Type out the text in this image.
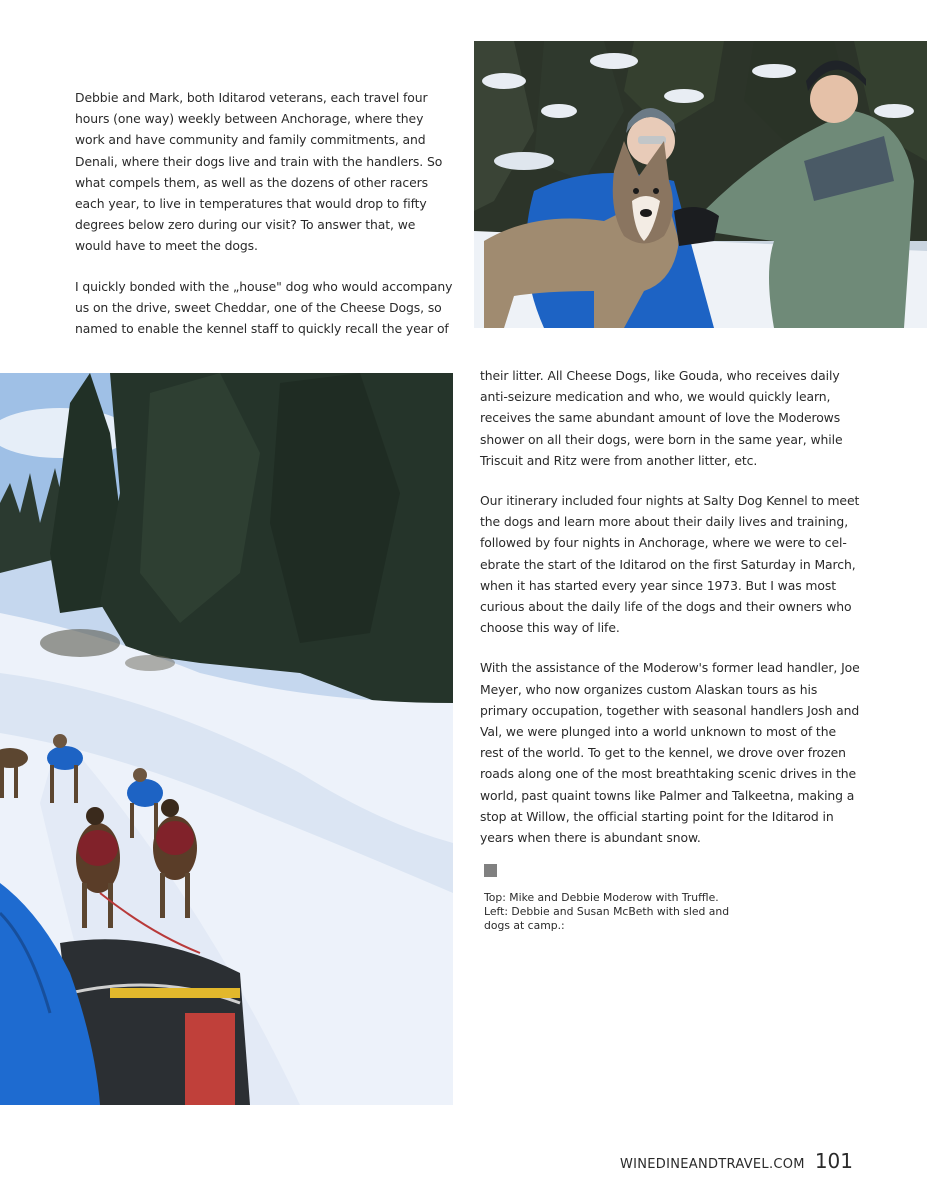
Debbie and Mark, both Iditarod veterans, each travel four hours (one way) weekly between Anchorage, where they work and have community and family commitments, and Denali, where their dogs live and train with the handlers. So what compels them, as well as the dozens of other racers each year, to live in temperatures that would drop to fifty degrees below zero during our visit? To answer that, we would have to meet the dogs.

I quickly bonded with the „house" dog who would accompany us on the drive, sweet Cheddar, one of the Cheese Dogs, so named to enable the kennel staff to quickly recall the year of

their litter. All Cheese Dogs, like Gouda, who receives daily anti-seizure medication and who, we would quickly learn, receives the same abundant amount of love the Moderows shower on all their dogs, were born in the same year, while Triscuit and Ritz were from another litter, etc.

Our itinerary included four nights at Salty Dog Kennel to meet the dogs and learn more about their daily lives and training, followed by four nights in Anchorage, where we were to cel-ebrate the start of the Iditarod on the first Saturday in March, when it has started every year since 1973. But I was most curious about the daily life of the dogs and their owners who choose this way of life.

With the assistance of the Moderow's former lead handler, Joe Meyer, who now organizes custom Alaskan tours as his primary occupation, together with seasonal handlers Josh and Val, we were plunged into a world unknown to most of the rest of the world. To get to the kennel, we drove over frozen roads along one of the most breathtaking scenic drives in the world, past quaint towns like Palmer and Talkeetna, making a stop at Willow, the official starting point for the Iditarod in years when there is abundant snow.

Top: Mike and Debbie Moderow with Truffle.
Left: Debbie and Susan McBeth with sled and
dogs at camp.:
WINEDINEANDTRAVEL.COM 101
